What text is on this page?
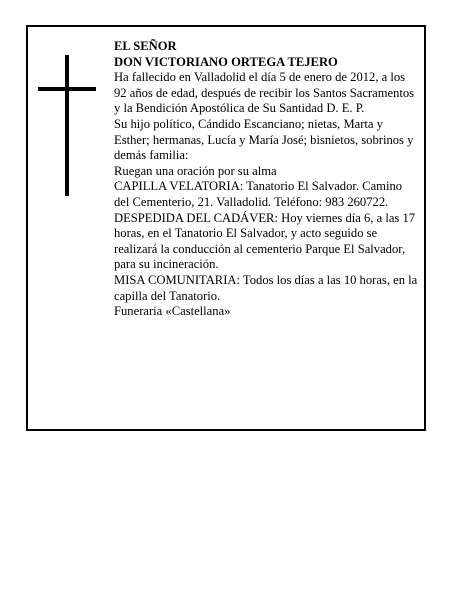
EL SEÑOR

DON VICTORIANO ORTEGA TEJERO

Ha fallecido en Valladolid el día 5 de enero de 2012, a los 92 años de edad, después de recibir los Santos Sacramentos y la Bendición Apostólica de Su Santidad D. E. P.

Su hijo político, Cándido Escanciano; nietas, Marta y Esther; hermanas, Lucía y María José; bisnietos, sobrinos y demás familia:

Ruegan una oración por su alma

CAPILLA VELATORIA: Tanatorio El Salvador. Camino del Cementerio, 21. Valladolid. Teléfono: 983 260722.

DESPEDIDA DEL CADÁVER: Hoy viernes día 6, a las 17 horas, en el Tanatorio El Salvador, y acto seguido se realizará la conducción al cementerio Parque El Salvador, para su incineración.

MISA COMUNITARIA: Todos los días a las 10 horas, en la capilla del Tanatorio.

Funeraria «Castellana»
